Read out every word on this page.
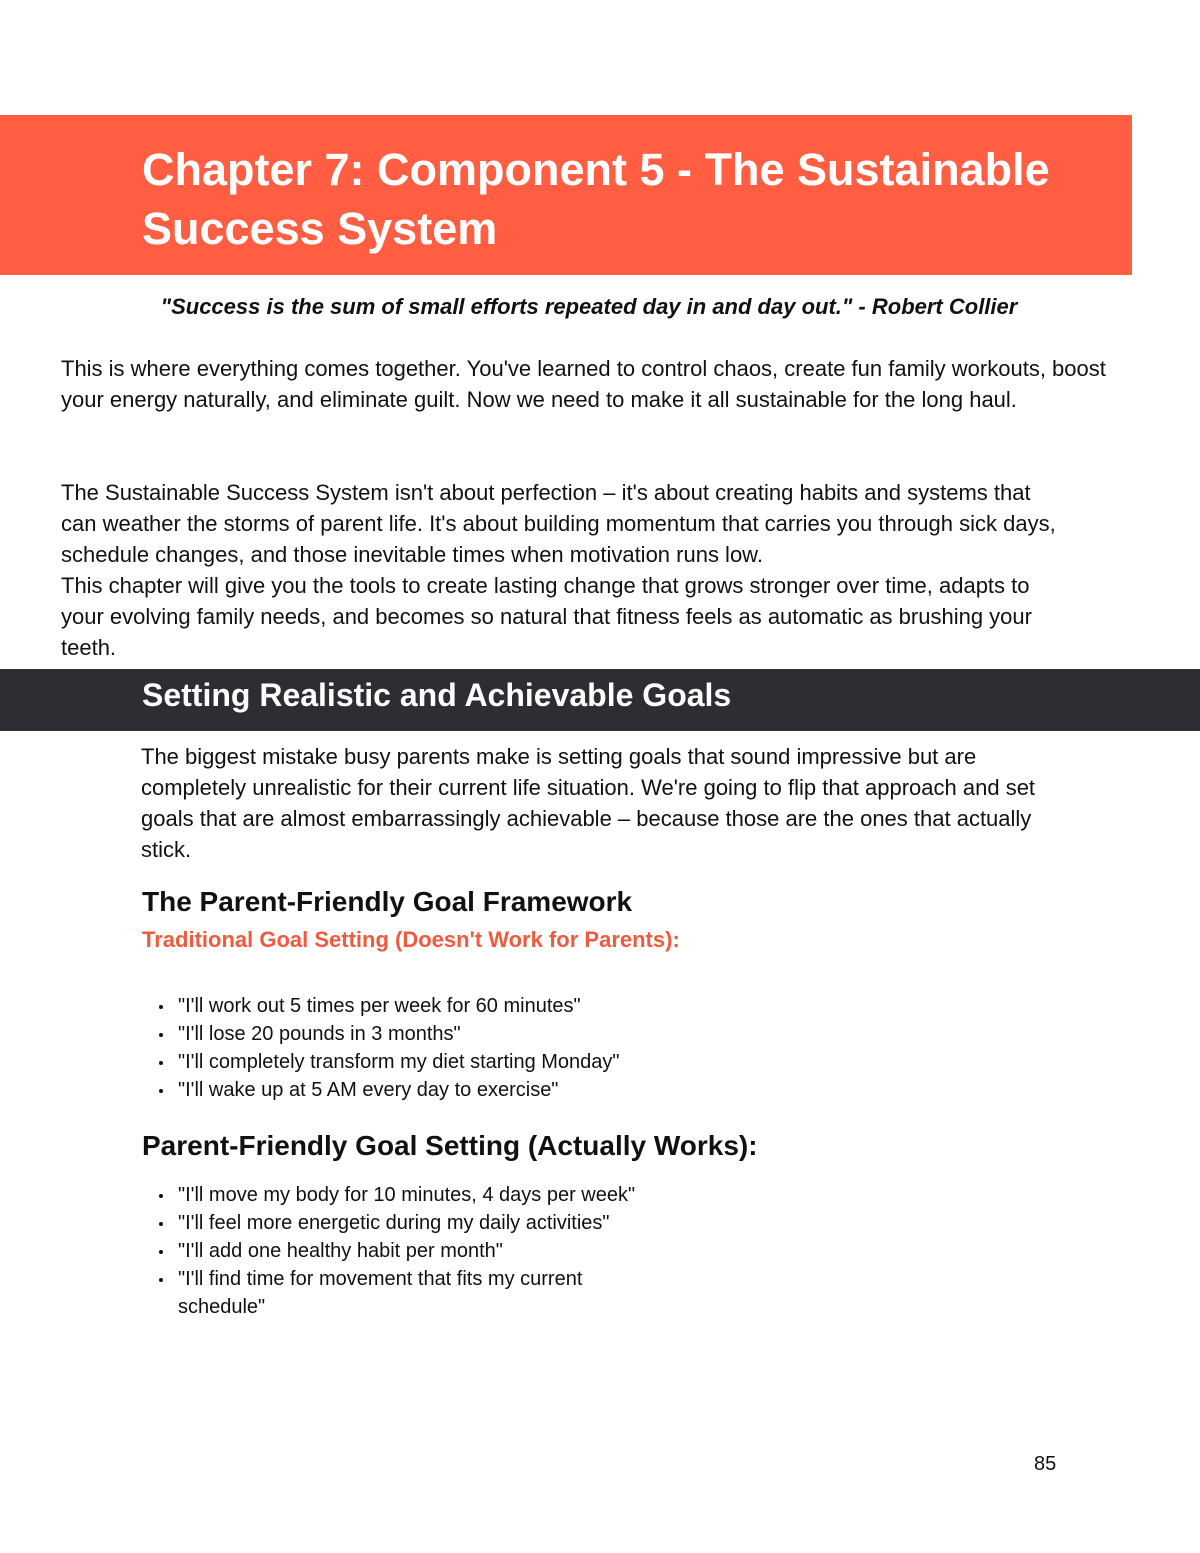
Chapter 7: Component 5 - The Sustainable Success System

"Success is the sum of small efforts repeated day in and day out." - Robert Collier

This is where everything comes together. You've learned to control chaos, create fun family workouts, boost your energy naturally, and eliminate guilt. Now we need to make it all sustainable for the long haul.

The Sustainable Success System isn't about perfection – it's about creating habits and systems that can weather the storms of parent life. It's about building momentum that carries you through sick days, schedule changes, and those inevitable times when motivation runs low.

This chapter will give you the tools to create lasting change that grows stronger over time, adapts to your evolving family needs, and becomes so natural that fitness feels as automatic as brushing your teeth.

Setting Realistic and Achievable Goals

The biggest mistake busy parents make is setting goals that sound impressive but are completely unrealistic for their current life situation. We're going to flip that approach and set goals that are almost embarrassingly achievable – because those are the ones that actually stick.

The Parent-Friendly Goal Framework
Traditional Goal Setting (Doesn't Work for Parents):
"I'll work out 5 times per week for 60 minutes"
"I'll lose 20 pounds in 3 months"
"I'll completely transform my diet starting Monday"
"I'll wake up at 5 AM every day to exercise"
Parent-Friendly Goal Setting (Actually Works):
"I'll move my body for 10 minutes, 4 days per week"
"I'll feel more energetic during my daily activities"
"I'll add one healthy habit per month"
"I'll find time for movement that fits my current schedule"

85
